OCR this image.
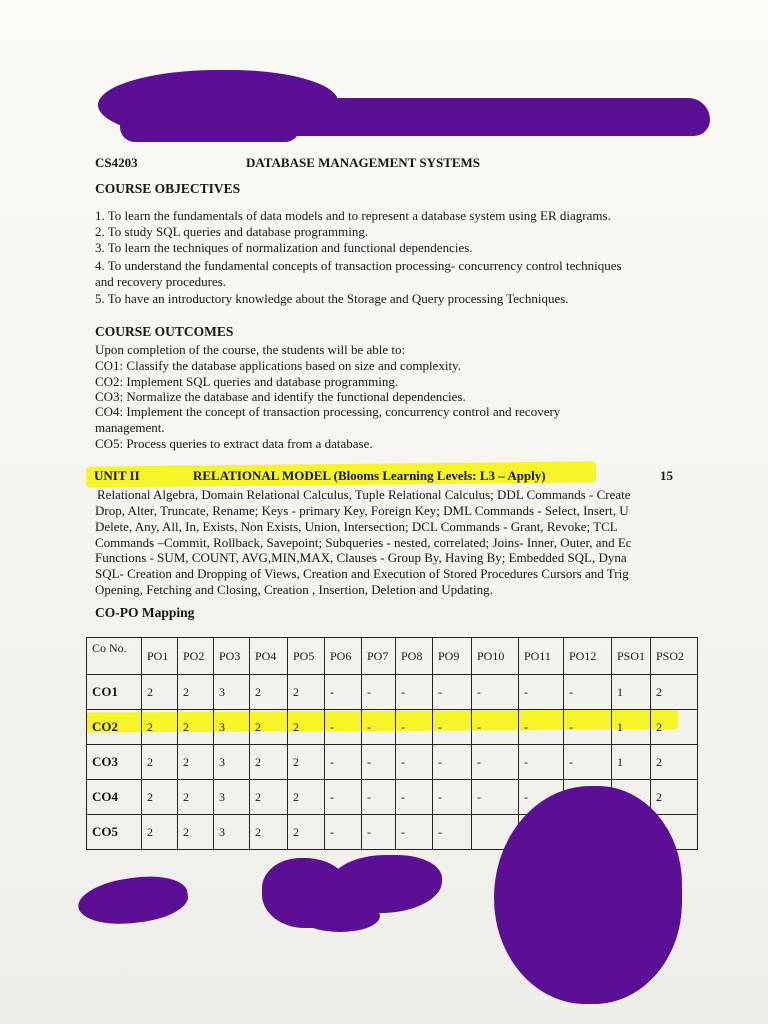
CS4203	DATABASE MANAGEMENT SYSTEMS
COURSE OBJECTIVES
1. To learn the fundamentals of data models and to represent a database system using ER diagrams.
2. To study SQL queries and database programming.
3. To learn the techniques of normalization and functional dependencies.
4. To understand the fundamental concepts of transaction processing- concurrency control techniques
and recovery procedures.
5. To have an introductory knowledge about the Storage and Query processing Techniques.
COURSE OUTCOMES
Upon completion of the course, the students will be able to:
CO1: Classify the database applications based on size and complexity.
CO2: Implement SQL queries and database programming.
CO3: Normalize the database and identify the functional dependencies.
CO4: Implement the concept of transaction processing, concurrency control and recovery
management.
CO5: Process queries to extract data from a database.
UNIT II	RELATIONAL MODEL (Blooms Learning Levels: L3 – Apply)	15
Relational Algebra, Domain Relational Calculus, Tuple Relational Calculus; DDL Commands - Create
Drop, Alter, Truncate, Rename; Keys - primary Key, Foreign Key; DML Commands - Select, Insert, U
Delete, Any, All, In, Exists, Non Exists, Union, Intersection; DCL Commands - Grant, Revoke; TCL
Commands –Commit, Rollback, Savepoint; Subqueries - nested, correlated; Joins- Inner, Outer, and Ec
Functions - SUM, COUNT, AVG,MIN,MAX, Clauses - Group By, Having By; Embedded SQL, Dyna
SQL- Creation and Dropping of Views, Creation and Execution of Stored Procedures Cursors and Trig
Opening, Fetching and Closing, Creation , Insertion, Deletion and Updating.
CO-PO Mapping
Co No.	PO1	PO2	PO3	PO4	PO5	PO6	PO7	PO8	PO9	PO10	PO11	PO12	PSO1	PSO2
CO1	2	2	3	2	2	-	-	-	-	-	-	-	1	2
CO2	2	2	3	2	2	-	-	-	-	-	-	-	1	2
CO3	2	2	3	2	2	-	-	-	-	-	-	-	1	2
CO4	2	2	3	2	2	-	-	-	-	-	-			2
CO5	2	2	3	2	2	-	-	-	-					
